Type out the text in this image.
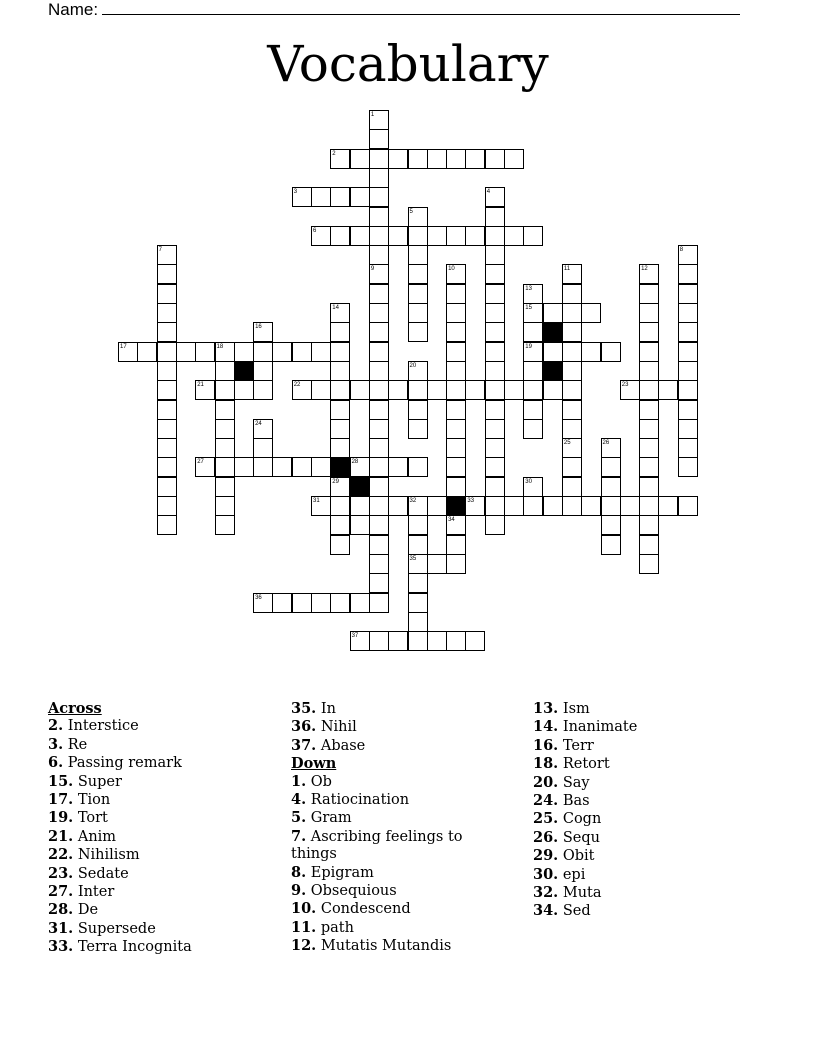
Name:
Vocabulary
1
2
3	4
5
6
7	8
9	10	11	12
13
14	15
16
17	18	19
20
21	22	23
24
25	26
27	28
29	30
31	32	33
34
35
36
37
Across
2. Interstice
3. Re
6. Passing remark
15. Super
17. Tion
19. Tort
21. Anim
22. Nihilism
23. Sedate
27. Inter
28. De
31. Supersede
33. Terra Incognita
35. In
36. Nihil
37. Abase
Down
1. Ob
4. Ratiocination
5. Gram
7. Ascribing feelings to things
8. Epigram
9. Obsequious
10. Condescend
11. path
12. Mutatis Mutandis
13. Ism
14. Inanimate
16. Terr
18. Retort
20. Say
24. Bas
25. Cogn
26. Sequ
29. Obit
30. epi
32. Muta
34. Sed
